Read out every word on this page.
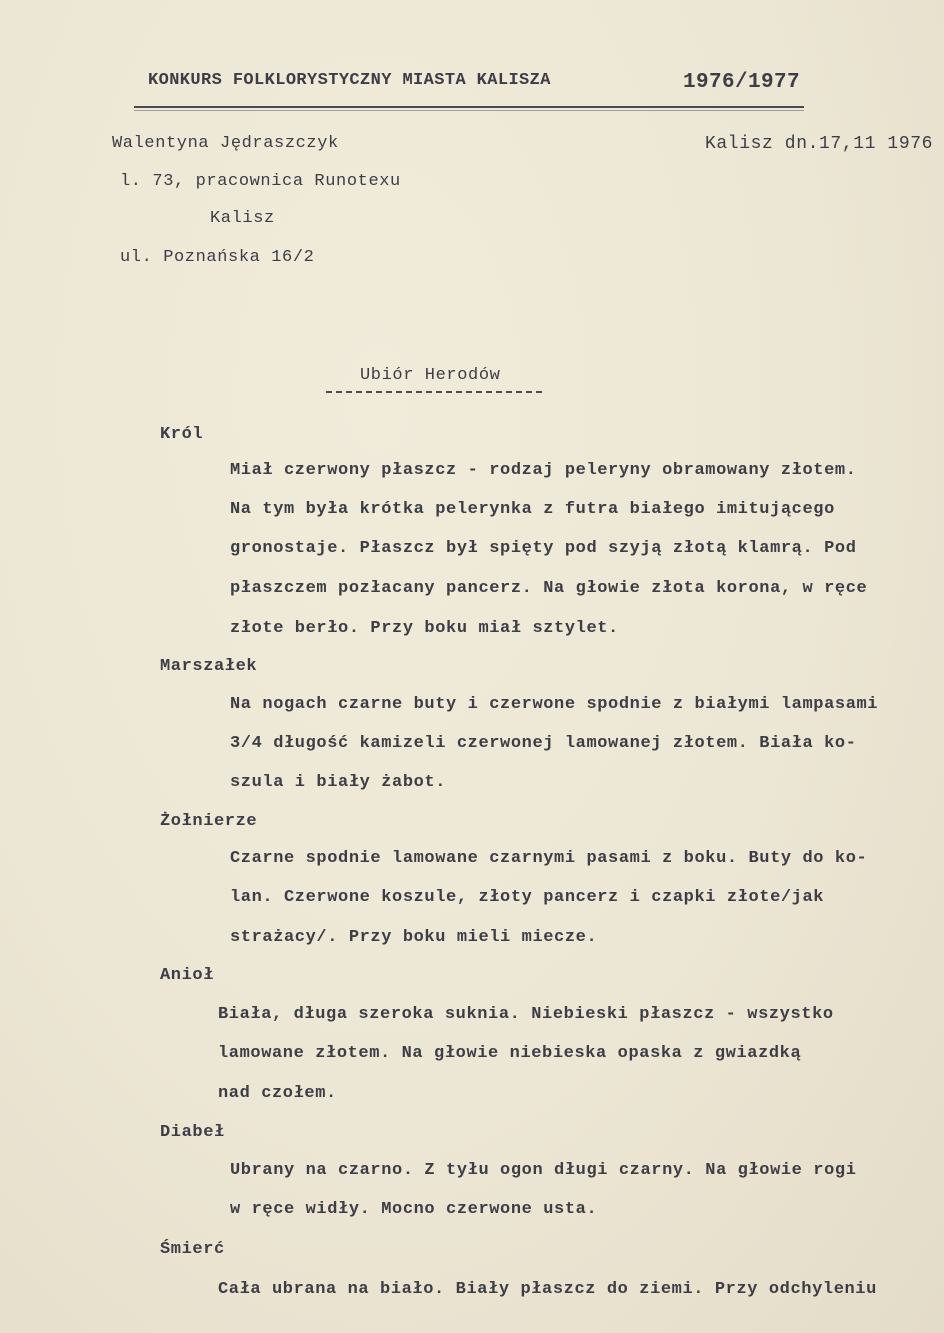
KONKURS FOLKLORYSTYCZNY MIASTA KALISZA	1976/1977
Walentyna Jędraszczyk	Kalisz dn.17,11 1976
l. 73, pracownica Runotexu
Kalisz
ul. Poznańska 16/2
Ubiór Herodów
Król
Miał czerwony płaszcz - rodzaj peleryny obramowany złotem.
Na tym była krótka pelerynka z futra białego imitującego
gronostaje. Płaszcz był spięty pod szyją złotą klamrą. Pod
płaszczem pozłacany pancerz. Na głowie złota korona, w ręce
złote berło. Przy boku miał sztylet.
Marszałek
Na nogach czarne buty i czerwone spodnie z białymi lampasami
3/4 długość kamizeli czerwonej lamowanej złotem. Biała ko-
szula i biały żabot.
Żołnierze
Czarne spodnie lamowane czarnymi pasami z boku. Buty do ko-
lan. Czerwone koszule, złoty pancerz i czapki złote/jak
strażacy/. Przy boku mieli miecze.
Anioł
Biała, długa szeroka suknia. Niebieski płaszcz - wszystko
lamowane złotem. Na głowie niebieska opaska z gwiazdką
nad czołem.
Diabeł
Ubrany na czarno. Z tyłu ogon długi czarny. Na głowie rogi
w ręce widły. Mocno czerwone usta.
Śmierć
Cała ubrana na biało. Biały płaszcz do ziemi. Przy odchyleniu
